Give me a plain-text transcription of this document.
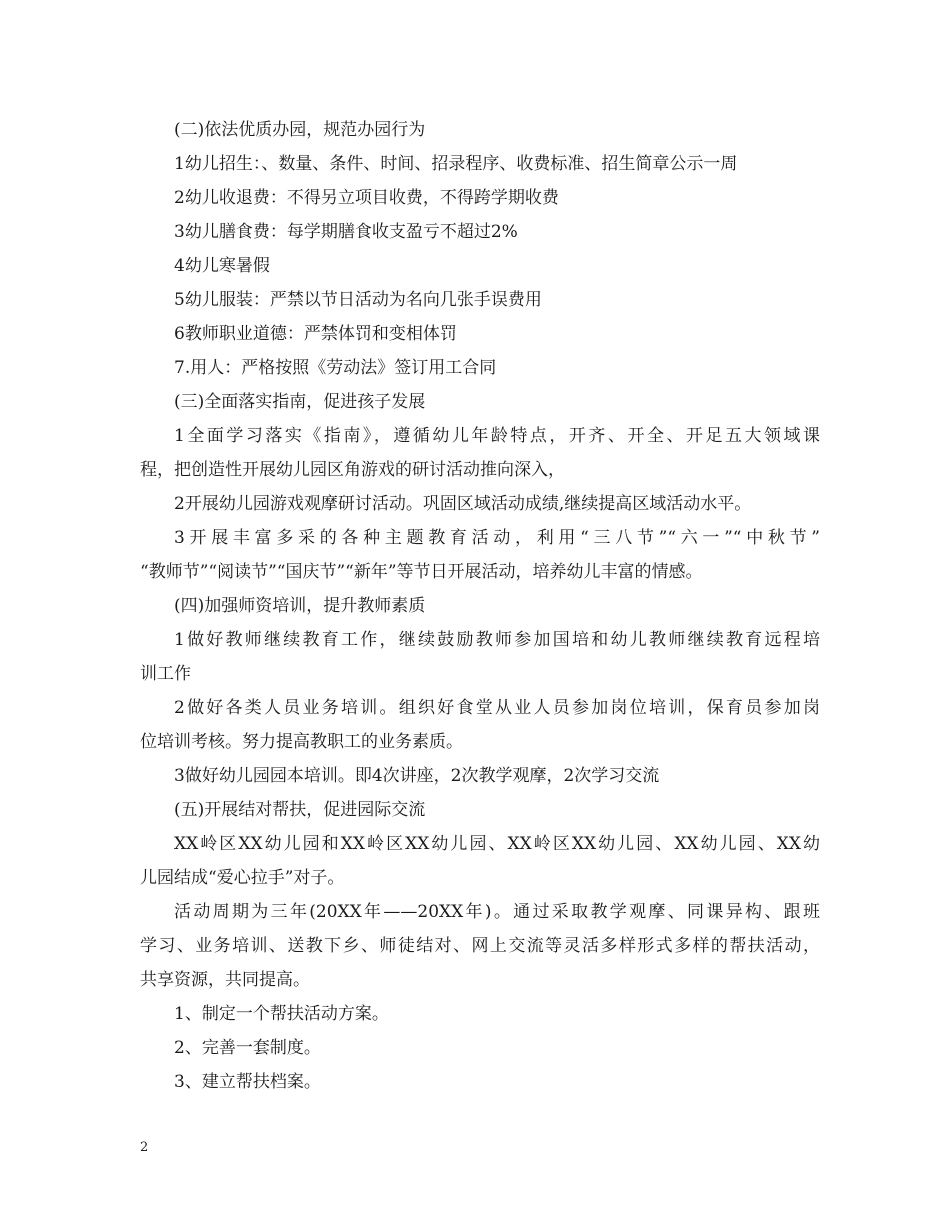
(二)依法优质办园，规范办园行为
1幼儿招生：、数量、条件、时间、招录程序、收费标准、招生简章公示一周
2幼儿收退费：不得另立项目收费，不得跨学期收费
3幼儿膳食费：每学期膳食收支盈亏不超过2%
4幼儿寒暑假
5幼儿服装：严禁以节日活动为名向几张手误费用
6教师职业道德：严禁体罚和变相体罚
7.用人：严格按照《劳动法》签订用工合同
(三)全面落实指南，促进孩子发展
1全面学习落实《指南》，遵循幼儿年龄特点，开齐、开全、开足五大领域课
程，把创造性开展幼儿园区角游戏的研讨活动推向深入，
2开展幼儿园游戏观摩研讨活动。巩固区域活动成绩,继续提高区域活动水平。
3开展丰富多采的各种主题教育活动，利用“三八节”“六一”“中秋节”
“教师节”“阅读节”“国庆节”“新年”等节日开展活动，培养幼儿丰富的情感。
(四)加强师资培训，提升教师素质
1做好教师继续教育工作，继续鼓励教师参加国培和幼儿教师继续教育远程培
训工作
2做好各类人员业务培训。组织好食堂从业人员参加岗位培训，保育员参加岗
位培训考核。努力提高教职工的业务素质。
3做好幼儿园园本培训。即4次讲座，2次教学观摩，2次学习交流
(五)开展结对帮扶，促进园际交流
XX岭区XX幼儿园和XX岭区XX幼儿园、XX岭区XX幼儿园、XX幼儿园、XX幼
儿园结成“爱心拉手”对子。
活动周期为三年(20XX年——20XX年)。通过采取教学观摩、同课异构、跟班
学习、业务培训、送教下乡、师徒结对、网上交流等灵活多样形式多样的帮扶活动，
共享资源，共同提高。
1、制定一个帮扶活动方案。
2、完善一套制度。
3、建立帮扶档案。
2
